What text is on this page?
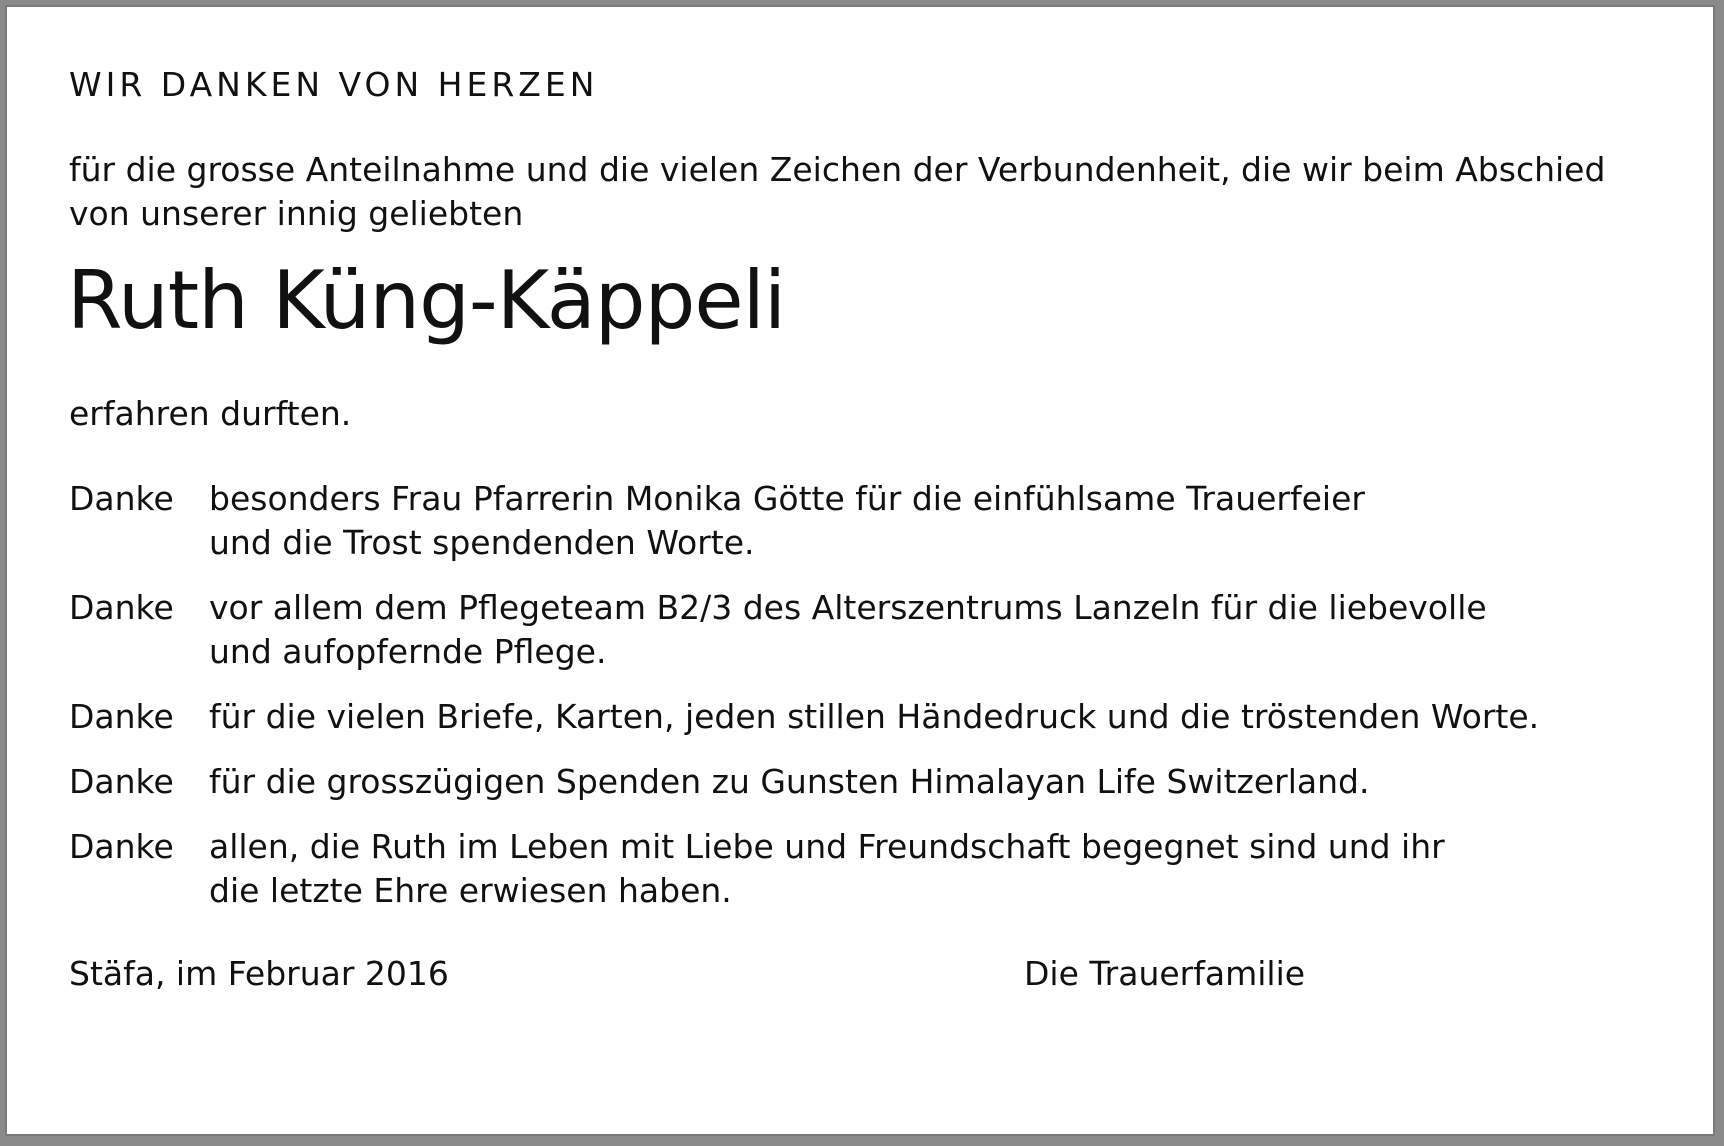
WIR DANKEN VON HERZEN
für die grosse Anteilnahme und die vielen Zeichen der Verbundenheit, die wir beim Abschied
von unserer innig geliebten
Ruth Küng-Käppeli
erfahren durften.
Danke	besonders Frau Pfarrerin Monika Götte für die einfühlsame Trauerfeier
und die Trost spendenden Worte.
Danke	vor allem dem Pflegeteam B2/3 des Alterszentrums Lanzeln für die liebevolle
und aufopfernde Pflege.
Danke	für die vielen Briefe, Karten, jeden stillen Händedruck und die tröstenden Worte.
Danke	für die grosszügigen Spenden zu Gunsten Himalayan Life Switzerland.
Danke	allen, die Ruth im Leben mit Liebe und Freundschaft begegnet sind und ihr
die letzte Ehre erwiesen haben.
Stäfa, im Februar 2016	Die Trauerfamilie
